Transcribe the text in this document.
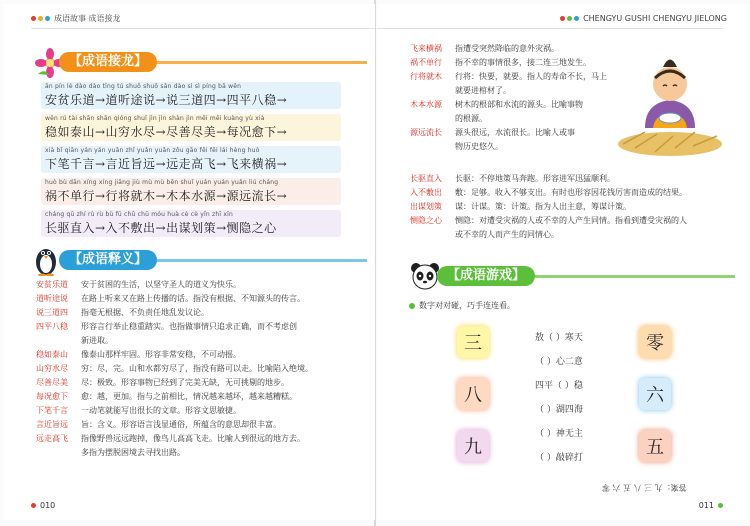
成语故事 成语接龙
【成语接龙】
ān pín lè dào dào tīng tú shuō shuō sān dào sì sì píng bā wěn
安贫乐道→道听途说→说三道四→四平八稳→
wěn rú tài shān shān qióng shuǐ jìn jìn shàn jìn měi měi kuàng yù xià
稳如泰山→山穷水尽→尽善尽美→每况愈下→
xià bǐ qiān yán yán yuǎn zhǐ yuǎn yuǎn zǒu gāo fēi fēi lái hèng huò
下笔千言→言近旨远→远走高飞→飞来横祸→
huò bù dān xíng xíng jiāng jiù mù mù běn shuǐ yuán yuán yuǎn liú cháng
祸不单行→行将就木→木本水源→源远流长→
cháng qū zhí rù rù bù fū chū chū móu huà cè cè yǐn zhī xīn
长驱直入→入不敷出→出谋划策→恻隐之心
【成语释义】
安贫乐道	安于贫困的生活，以坚守圣人的道义为快乐。
道听途说	在路上听来又在路上传播的话。指没有根据、不知源头的传言。
说三道四	指毫无根据、不负责任地乱发议论。
四平八稳	形容言行举止稳重踏实。也指做事情只追求正确，而不考虑创
新进取。
稳如泰山	像泰山那样牢固。形容非常安稳，不可动摇。
山穷水尽	穷：尽，完。山和水都穷尽了，指没有路可以走。比喻陷入绝境。
尽善尽美	尽：极致。形容事物已经到了完美无缺，无可挑剔的地步。
每况愈下	愈：越，更加。指与之前相比，情况越来越坏，越来越糟糕。
下笔千言	一动笔就能写出很长的文章。形容文思敏捷。
言近旨远	旨：含义。形容语言浅显通俗，所蕴含的意思却很丰富。
远走高飞	指像野兽远远跑掉，像鸟儿高高飞走。比喻人到很远的地方去。
多指为摆脱困境去寻找出路。
010
CHENGYU GUSHI CHENGYU JIELONG
飞来横祸	指遭受突然降临的意外灾祸。
祸不单行	指不幸的事情很多，接二连三地发生。
行将就木	行将：快要，就要。指人的寿命不长，马上
就要进棺材了。
木本水源	树木的根部和水流的源头。比喻事物
的根源。
源远流长	源头很远，水流很长。比喻人或事
物历史悠久。
长驱直入	长驱：不停地策马奔跑。形容进军迅猛顺利。
入不敷出	敷：足够。收入不够支出。有时也形容因花钱厉害而造成的结果。
出谋划策	谋：计谋。策：计策。指为人出主意，筹谋计策。
恻隐之心	恻隐：对遭受灾祸的人或不幸的人产生同情。指看到遭受灾祸的人
或不幸的人而产生的同情心。
【成语游戏】
数字对对碰，巧手连连看。
三
八
九
敖（ ）寒天
（ ）心二意
四平（ ）稳
（ ）湖四海
（ ）神无主
（ ）敲碎打
零
六
五
答案：九 三 八 五 六 零
011
